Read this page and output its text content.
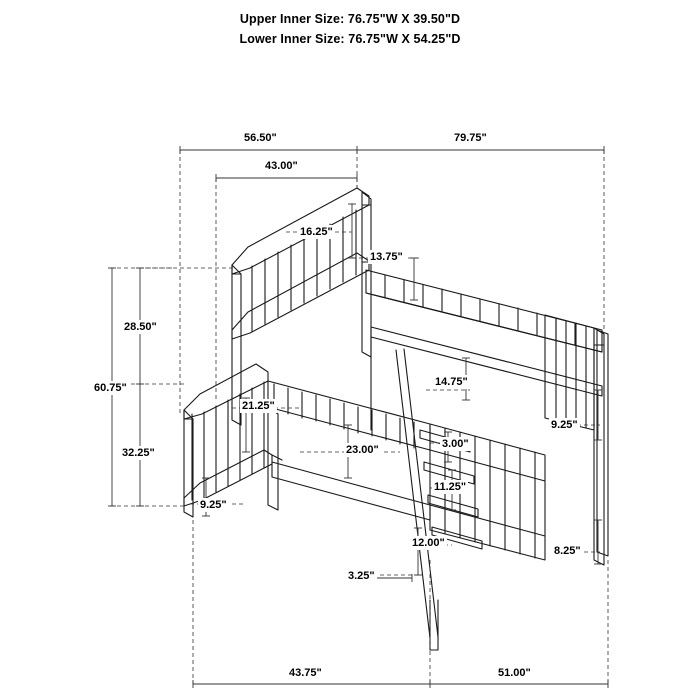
Upper Inner Size: 76.75"W X 39.50"D
Lower Inner Size: 76.75"W X 54.25"D
56.50"	79.75"
43.00"
16.25"
13.75"
28.50"
60.75"
32.25"
21.25"
23.00"
14.75"
3.00"
11.25"
12.00"
3.25"
9.25"
8.25"
9.25"
43.75"	51.00"
